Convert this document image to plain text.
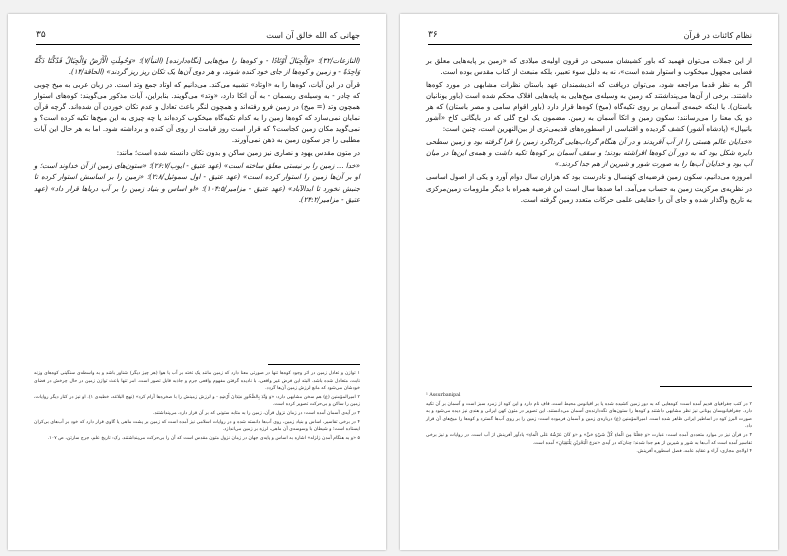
۳۵	جهانی که الله خالق آن است

(النازعات/۳۲)؛ «وَالْجِبَالَ أَوْتَادًا - و کوه‌ها را میخ‌هایی [نگاه‌دارنده] (النبأ/۷)؛ «وَحُمِلَتِ الْأَرْضُ وَالْجِبَالُ فَدُكَّتَا دَكَّةً وَاحِدَةً - و زمین و کوه‌ها از جای خود کنده شوند، و هر دوی آن‌ها یک تکان ریز ریز گردند» (الحاقة/۱۴).

قرآن در این آیات، کوه‌ها را به «اوتاد» تشبیه می‌کند. می‌دانیم که اوتاد جمع وتد است. در زبان عربی به میخ چوبی که چادر - به وسیله‌ی ریسمان - به آن اتکا دارد، «وتد» می‌گویند. بنابراین، آیات مذکور می‌گویند: کوه‌های استوار همچون وتد (= میخ) در زمین فرو رفته‌اند و همچون لنگر باعث تعادل و عدم تکان خوردن آن شده‌اند. گرچه قرآن نمایان نمی‌سازد که کوه‌ها زمین را به کدام تکیه‌گاه میخکوب کرده‌اند یا چه چیزی به این میخ‌ها تکیه کرده است؟ و نمی‌گوید مکان زمین کجاست؟ که قرار است روز قیامت از روی آن کنده و برداشته شود. اما به هر حال این آیات مطلبی را جز سکون زمین به ذهن نمی‌آورند.

در متون مقدس یهود و نصاری نیز زمین ساکن و بدون تکان دانسته شده است؛ مانند:

«خدا ... زمین را بر نیستی معلق ساخته است» (عهد عتیق - ایوب/۲۶:۷)؛ «ستون‌های زمین از آن خداوند است؛ و او بر آن‌ها زمین را استوار کرده است» (عهد عتیق - اول سموئیل/۲:۸)؛ «زمین را بر اساسش استوار کرده تا جنبش نخورد تا ابدالآباد» (عهد عتیق - مزامیر/۱۰۴:۵)؛ «او اساس و بنیاد زمین را بر آب دریاها قرار داد» (عهد عتیق - مزامیر/۲۴:۲).

۱ توازن و تعادل زمین در اثر وجود کوه‌ها تنها در صورتی معنا دارد که زمین مانند یک تخته بر آب یا هوا (هر چیز دیگر) شناور باشد و به واسطه‌ی سنگینی کوه‌های وزنه نابت، متعادل شده باشد. البته این فرض غیر واقعی، با نادیده گرفتن مفهوم واقعی جرم و جاذبه قابل تصور است. امر تنها باعث توازن زمین در حال چرخش در فضای خودشان می‌شود که مانع لرزش زمین آن‌ها گردد.

۲ امیرالمؤمنین (ع) هم سخن مشابهی دارد: «وَ وَتَّدَ بِالصُّخُورِ مَیَدَانَ أَرْضِهِ - و لرزش زمینش را با صخره‌ها آرام کرد» (نهج البلاغه، خطبه‌ی ۱). او نیز در کنار دیگر روایات، زمین را ساکن و بی‌حرکت تصویر کرده است.

۳ در آیه‌ی آسمان آمده است: در زمان نزول قرآن، زمین را به مثابه ستونی که بر آن قرار دارد، می‌پنداشتند.

۴ در برخی تفاسیر، اساس و بنیاد زمین، روی آب‌ها دانسته شده و در روایات اسلامی نیز آمده است که زمین بر پشت ماهی یا گاوی قرار دارد که خود بر آب‌های بی‌کران ایستاده است؛ و شیطان با وسوسه‌ی آن ماهی، لرزه بر زمین می‌اندازد.

۵ «و به هنگام آمدن زلزله» اشاره به اساس و پایه‌ی جهان در زمان نزول متون مقدس است که آن را بی‌حرکت می‌پنداشتند. رک: تاریخ علم، جرج سارتن، ص ۱۰۷.

۳۶	نظام کائنات در قرآن

از این جملات می‌توان فهمید که باور کشیشان مسیحی در قرون اولیه‌ی میلادی که «زمین بر پایه‌هایی معلق بر فضایی مجهول میخکوب و استوار شده است»، نه به دلیل سوء تعبیر، بلکه منبعث از کتاب مقدس بوده است.

اگر به نظر قدما مراجعه شود، می‌توان دریافت که اندیشمندان عهد باستان نظرات مشابهی در مورد کوه‌ها داشتند. برخی از آن‌ها می‌پنداشتند که زمین به وسیله‌ی میخ‌هایی به پایه‌هایی افلاک محکم شده است (باور یونانیان باستان). یا اینکه خیمه‌ی آسمان بر روی تکیه‌گاه (میخ) کوه‌ها قرار دارد (باور اقوام سامی و مصر باستان) که هر دو یک معنا را می‌رسانند: سکون زمین و اتکا آسمان به زمین. مضمون یک لوح گلی که در بایگانی کاخ «آشور بانیپال» (پادشاه آشور) کشف گردیده و اقتباسی از اسطوره‌های قدیمی‌تری از بین‌النهرین است، چنین است:

«خدایان عالم هستی را از آب آفریدند و در آن هنگام گرداب‌هایی گرداگرد زمین را فرا گرفته بود و زمین سطحی دایره شکل بود که به دور آن کوه‌ها افراشته بودند؛ و سقف آسمان بر کوه‌ها تکیه داشت و همه‌ی این‌ها در میان آب بود و خدایان آب‌ها را به صورت شور و شیرین از هم جدا کردند.»

امروزه می‌دانیم، سکون زمین فرضیه‌ای کهنسال و نادرست بود که هزاران سال دوام آورد و یکی از اصول اساسی در نظریه‌ی مرکزیت زمین به حساب می‌آمد. اما صدها سال است این فرضیه همراه با دیگر ملزومات زمین‌مرکزی به تاریخ واگذار شده و جای آن را حقایقی علمی حرکات متعدد زمین گرفته است.

¹ Assurbanipal

۲ در کتب جغرافیای قدیم آمده است: کوه‌هایی که به دور زمین کشیده شده یا بر اقیانوس محیط است، قاف نام دارد و این کوه از زمرد سبز است و آسمان بر آن تکیه دارد. جغرافیا‌نویسان یونانی نیز نظر مشابهی داشتند و کوه‌ها را ستون‌های نگه‌دارنده‌ی آسمان می‌دانستند. این تصویر در متون کهن ایرانی و هندی نیز دیده می‌شود و به صورت البرز کوه در اساطیر ایرانی ظاهر شده است. امیرالمؤمنین (ع) درباره‌ی زمین و آسمان فرموده است: زمین را بر روی آب‌ها گسترد و کوه‌ها را میخ‌های آن قرار داد.

۳ در قرآن نیز در موارد متعددی آمده است: عبارت «وَ جَعَلْنَا مِنَ الْمَاءِ كُلَّ شَيْءٍ حَيٍّ» و «وَ كَانَ عَرْشُهُ عَلَى الْمَاءِ» یادآور آفرینش از آب است. در روایات و نیز برخی تفاسیر آمده است که آب‌ها به شور و شیرین از هم جدا شدند؛ چنان‌که در آیه‌ی «مَرَجَ الْبَحْرَيْنِ يَلْتَقِيَانِ» آمده است.

۴ اولاه‌ی مجازی: آراء و عقاید عامه، فصل اسطوره آفرینش.
